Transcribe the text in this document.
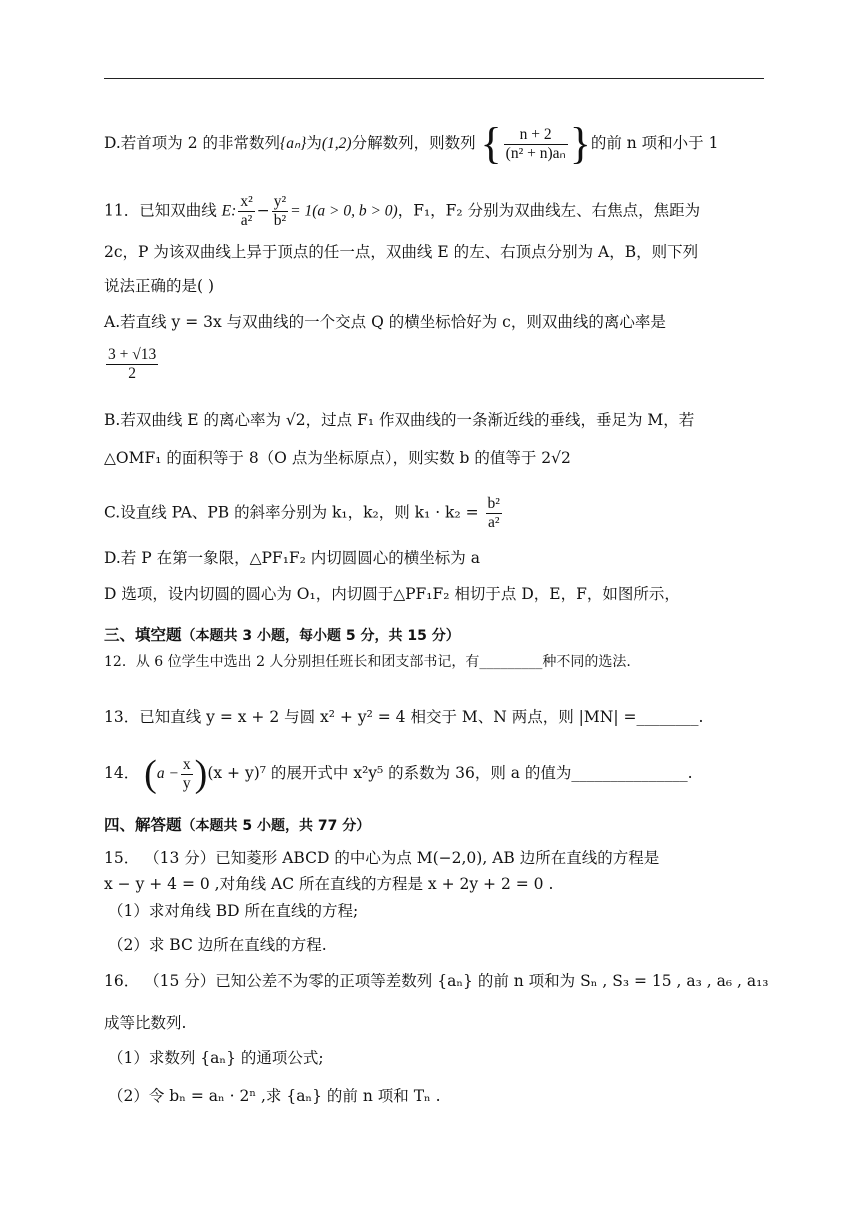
D.若首项为 2 的非常数列{aₙ}为(1,2)分解数列，则数列 { $\frac{n + 2}{\text{(n² + n)aₙ}}$ }的前 n 项和小于 1
11．已知双曲线 E: $\frac{\text{x²}}{\text{a²}} - \frac{\text{y²}}{\text{b²}} = 1(a > 0$, b > 0)，F₁，F₂ 分别为双曲线左、右焦点，焦距为
2c，P 为该双曲线上异于顶点的任一点，双曲线 E 的左、右顶点分别为 A，B，则下列
说法正确的是( )
A.若直线 y = 3x 与双曲线的一个交点 Q 的横坐标恰好为 c，则双曲线的离心率是
$\frac{3 + √13}{2}$
B.若双曲线 E 的离心率为 √2，过点 F₁ 作双曲线的一条渐近线的垂线，垂足为 M，若
△OMF₁ 的面积等于 8（O 点为坐标原点），则实数 b 的值等于 2√2
C.设直线 PA、PB 的斜率分别为 k₁，k₂，则 $k_1 \cdot k_2 = \frac{\text{b²}}{\text{a²}}$
D.若 P 在第一象限，△PF₁F₂ 内切圆圆心的横坐标为 a
D 选项，设内切圆的圆心为 O₁，内切圆于△PF₁F₂ 相切于点 D，E，F，如图所示，
三、填空题（本题共 3 小题，每小题 5 分，共 15 分）
12．从 6 位学生中选出 2 人分别担任班长和团支部书记，有_________种不同的选法.
13．已知直线 y = x + 2 与圆 x² + y² = 4 相交于 M、N 两点，则 |MN| =________.
14． $(a - \frac{x}{y} )(x + y)^7$ 的展开式中 x²y⁵ 的系数为 36，则 a 的值为_______________.
四、解答题（本题共 5 小题，共 77 分）
15． （13 分）已知菱形 ABCD 的中心为点 M(−2,0), AB 边所在直线的方程是
x − y + 4 = 0 ,对角线 AC 所在直线的方程是 x + 2y + 2 = 0 .
（1）求对角线 BD 所在直线的方程;
（2）求 BC 边所在直线的方程.
16． （15 分）已知公差不为零的正项等差数列 {aₙ} 的前 n 项和为 Sₙ , S₃ = 15 , a₃ , a₆ , a₁₃
成等比数列.
（1）求数列 {aₙ} 的通项公式;
（2）令 bₙ = aₙ · 2ⁿ ,求 {aₙ} 的前 n 项和 Tₙ .
